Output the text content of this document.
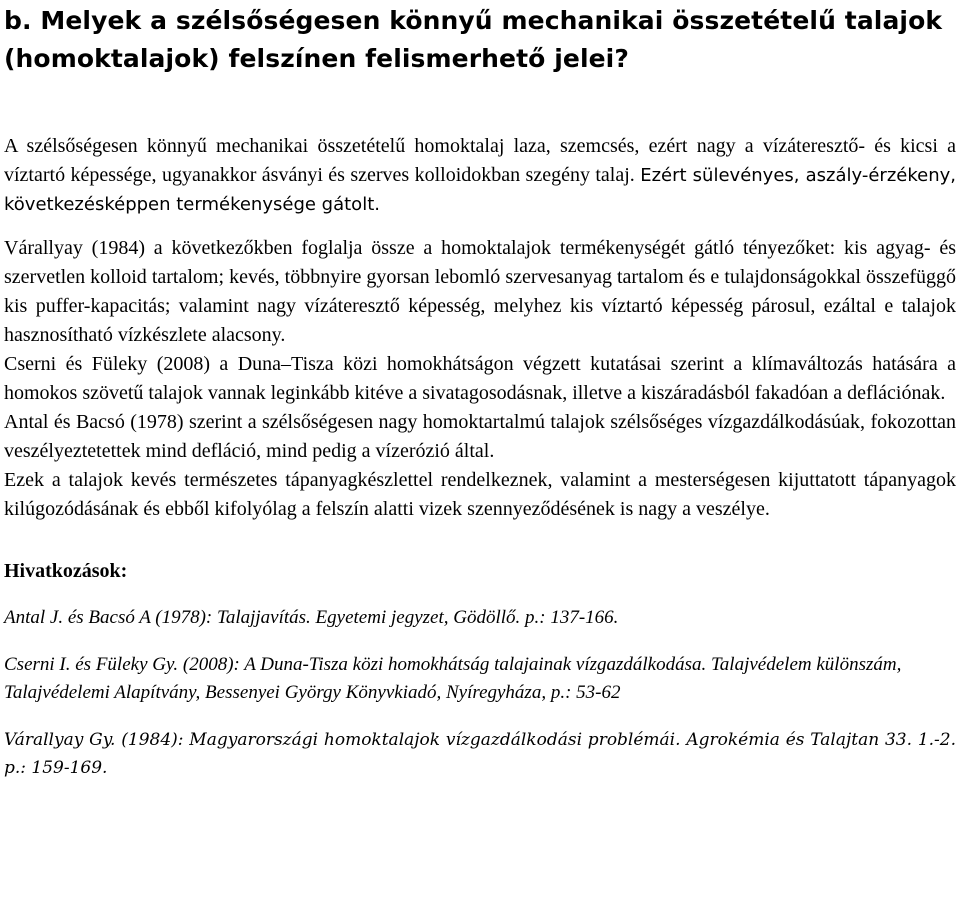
b. Melyek a szélsőségesen könnyű mechanikai összetételű talajok (homoktalajok) felszínen felismerhető jelei?

A szélsőségesen könnyű mechanikai összetételű homoktalaj laza, szemcsés, ezért nagy a vízáteresztő- és kicsi a víztartó képessége, ugyanakkor ásványi és szerves kolloidokban szegény talaj. Ezért sülevényes, aszály-érzékeny, következésképpen termékenysége gátolt.

Várallyay (1984) a következőkben foglalja össze a homoktalajok termékenységét gátló tényezőket: kis agyag- és szervetlen kolloid tartalom; kevés, többnyire gyorsan lebomló szervesanyag tartalom és e tulajdonságokkal összefüggő kis puffer-kapacitás; valamint nagy vízáteresztő képesség, melyhez kis víztartó képesség párosul, ezáltal e talajok hasznosítható vízkészlete alacsony.

Cserni és Füleky (2008) a Duna–Tisza közi homokhátságon végzett kutatásai szerint a klímaváltozás hatására a homokos szövetű talajok vannak leginkább kitéve a sivatagosodásnak, illetve a kiszáradásból fakadóan a deflációnak.

Antal és Bacsó (1978) szerint a szélsőségesen nagy homoktartalmú talajok szélsőséges vízgazdálkodásúak, fokozottan veszélyeztetettek mind defláció, mind pedig a vízerózió által.

Ezek a talajok kevés természetes tápanyagkészlettel rendelkeznek, valamint a mesterségesen kijuttatott tápanyagok kilúgozódásának és ebből kifolyólag a felszín alatti vizek szennyeződésének is nagy a veszélye.

Hivatkozások:

Antal J. és Bacsó A (1978): Talajjavítás. Egyetemi jegyzet, Gödöllő. p.: 137-166.

Cserni I. és Füleky Gy. (2008): A Duna-Tisza közi homokhátság talajainak vízgazdálkodása. Talajvédelem különszám, Talajvédelemi Alapítvány, Bessenyei György Könyvkiadó, Nyíregyháza, p.: 53-62

Várallyay Gy. (1984): Magyarországi homoktalajok vízgazdálkodási problémái. Agrokémia és Talajtan 33. 1.-2. p.: 159-169.
